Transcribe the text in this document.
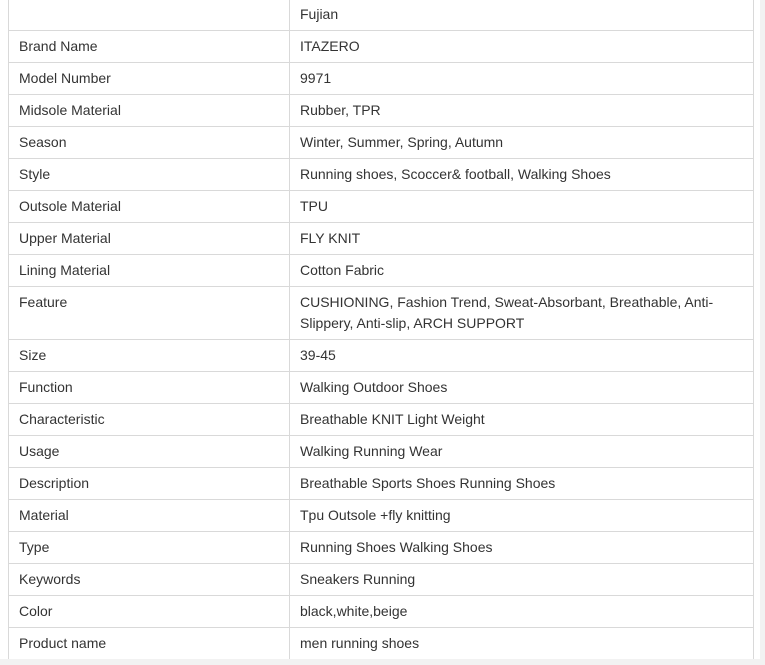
	Fujian
Brand Name	ITAZERO
Model Number	9971
Midsole Material	Rubber, TPR
Season	Winter, Summer, Spring, Autumn
Style	Running shoes, Scoccer& football, Walking Shoes
Outsole Material	TPU
Upper Material	FLY KNIT
Lining Material	Cotton Fabric
Feature	CUSHIONING, Fashion Trend, Sweat-Absorbant, Breathable, Anti-Slippery, Anti-slip, ARCH SUPPORT
Size	39-45
Function	Walking Outdoor Shoes
Characteristic	Breathable KNIT Light Weight
Usage	Walking Running Wear
Description	Breathable Sports Shoes Running Shoes
Material	Tpu Outsole +fly knitting
Type	Running Shoes Walking Shoes
Keywords	Sneakers Running
Color	black,white,beige
Product name	men running shoes
